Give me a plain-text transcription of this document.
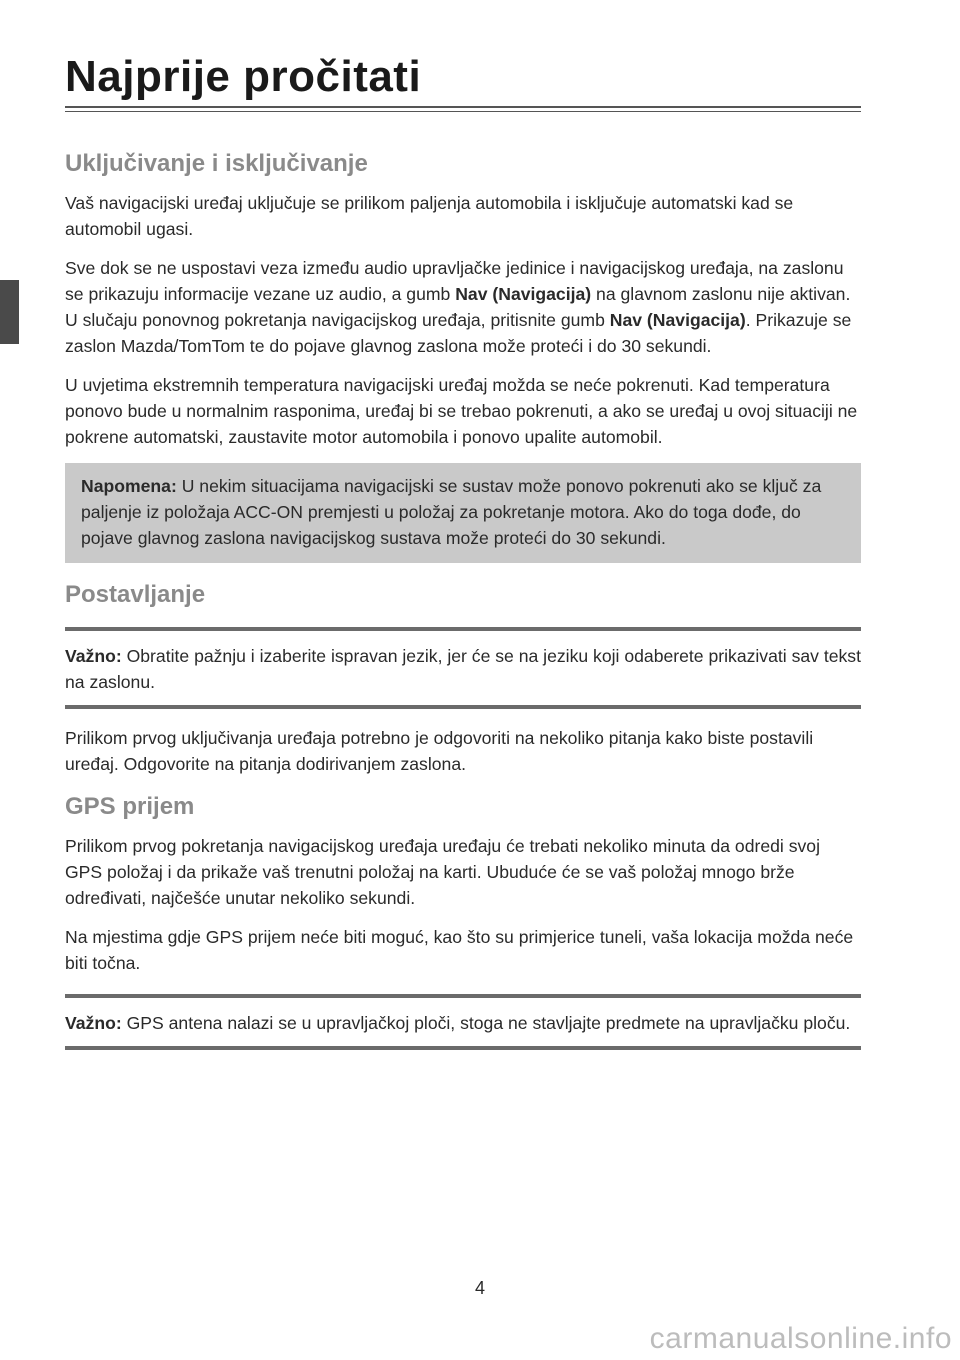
Najprije pročitati
Uključivanje i isključivanje

Vaš navigacijski uređaj uključuje se prilikom paljenja automobila i isključuje automatski kad se automobil ugasi.

Sve dok se ne uspostavi veza između audio upravljačke jedinice i navigacijskog uređaja, na zaslonu se prikazuju informacije vezane uz audio, a gumb Nav (Navigacija) na glavnom zaslonu nije aktivan. U slučaju ponovnog pokretanja navigacijskog uređaja, pritisnite gumb Nav (Navigacija). Prikazuje se zaslon Mazda/TomTom te do pojave glavnog zaslona može protеći i do 30 sekundi.

U uvjetima ekstremnih temperatura navigacijski uređaj možda se neće pokrenuti. Kad temperatura ponovo bude u normalnim rasponima, uređaj bi se trebao pokrenuti, a ako se uređaj u ovoj situaciji ne pokrene automatski, zaustavite motor automobila i ponovo upalite automobil.

Napomena: U nekim situacijama navigacijski se sustav može ponovo pokrenuti ako se ključ za paljenje iz položaja ACC-ON premjesti u položaj za pokretanje motora. Ako do toga dođe, do pojave glavnog zaslona navigacijskog sustava može protеći do 30 sekundi.

Postavljanje

Važno: Obratite pažnju i izaberite ispravan jezik, jer će se na jeziku koji odaberete prikazivati sav tekst na zaslonu.

Prilikom prvog uključivanja uređaja potrebno je odgovoriti na nekoliko pitanja kako biste postavili uređaj. Odgovorite na pitanja dodirivanjem zaslona.

GPS prijem

Prilikom prvog pokretanja navigacijskog uređaja uređaju će trebati nekoliko minuta da odredi svoj GPS položaj i da prikaže vaš trenutni položaj na karti. Ubuduće će se vaš položaj mnogo brže određivati, najčešće unutar nekoliko sekundi.

Na mjestima gdje GPS prijem neće biti moguć, kao što su primjerice tuneli, vaša lokacija možda neće biti točna.

Važno: GPS antena nalazi se u upravljačkoj ploči, stoga ne stavljajte predmete na upravljačku ploču.

4
carmanualsonline.info
